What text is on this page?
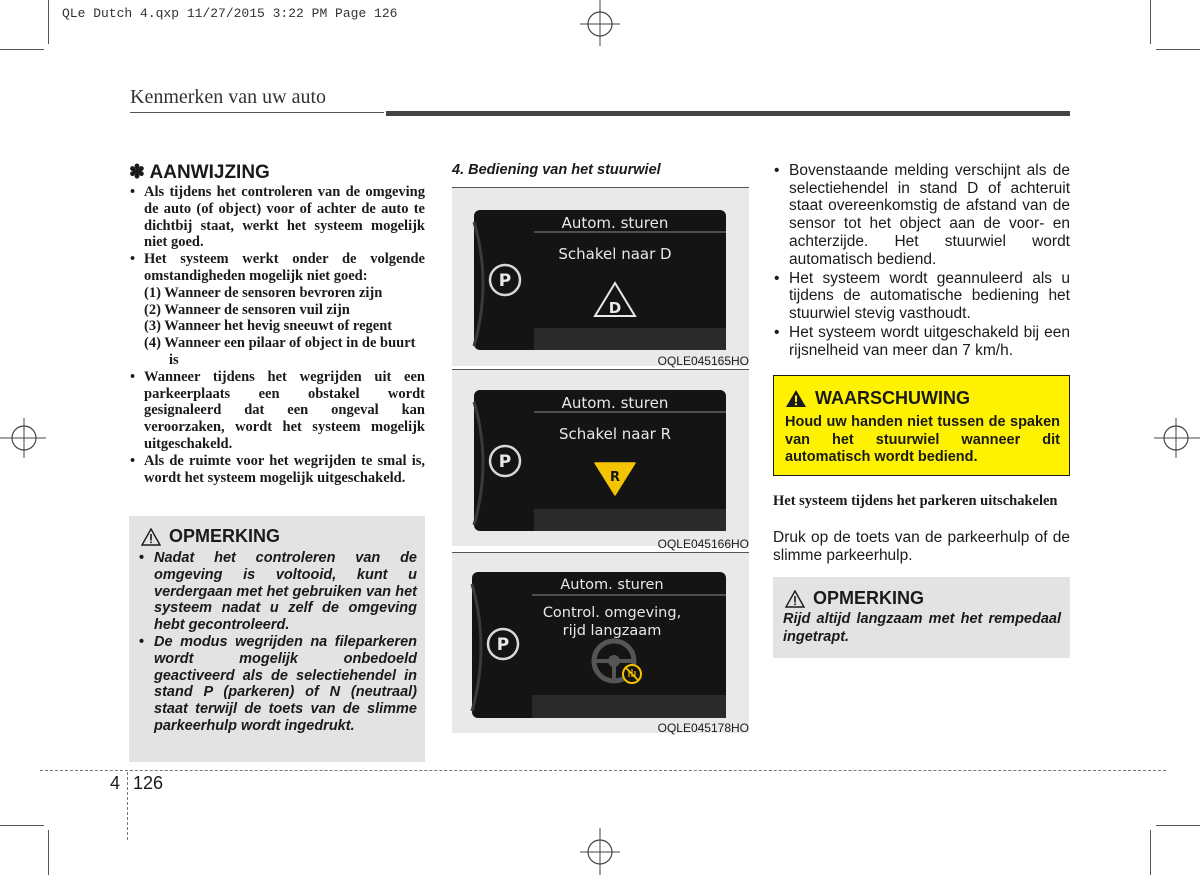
QLe Dutch 4.qxp 11/27/2015 3:22 PM Page 126
Kenmerken van uw auto
✽ AANWIJZING
• Als tijdens het controleren van de omgeving de auto (of object) voor of achter de auto te dichtbij staat, werkt het systeem mogelijk niet goed.
• Het systeem werkt onder de volgende omstandigheden mogelijk niet goed:
(1) Wanneer de sensoren bevroren zijn
(2) Wanneer de sensoren vuil zijn
(3) Wanneer het hevig sneeuwt of regent
(4) Wanneer een pilaar of object in de buurt is
• Wanneer tijdens het wegrijden uit een parkeerplaats een obstakel wordt gesignaleerd dat een ongeval kan veroorzaken, wordt het systeem mogelijk uitgeschakeld.
• Als de ruimte voor het wegrijden te smal is, wordt het systeem mogelijk uitgeschakeld.
OPMERKING
• Nadat het controleren van de omgeving is voltooid, kunt u verdergaan met het gebruiken van het systeem nadat u zelf de omgeving hebt gecontroleerd.
• De modus wegrijden na fileparkeren wordt mogelijk onbedoeld geactiveerd als de selectiehendel in stand P (parkeren) of N (neutraal) staat terwijl de toets van de slimme parkeerhulp wordt ingedrukt.
4. Bediening van het stuurwiel
Autom. sturen
Schakel naar D
P
D
OQLE045165HO
Autom. sturen
Schakel naar R
P
R
OQLE045166HO
Autom. sturen
Control. omgeving,
rijd langzaam
P
OQLE045178HO
• Bovenstaande melding verschijnt als de selectiehendel in stand D of achteruit staat overeenkomstig de afstand van de sensor tot het object aan de voor- en achterzijde. Het stuurwiel wordt automatisch bediend.
• Het systeem wordt geannuleerd als u tijdens de automatische bediening het stuurwiel stevig vasthoudt.
• Het systeem wordt uitgeschakeld bij een rijsnelheid van meer dan 7 km/h.
WAARSCHUWING
Houd uw handen niet tussen de spaken van het stuurwiel wanneer dit automatisch wordt bediend.
Het systeem tijdens het parkeren uitschakelen
Druk op de toets van de parkeerhulp of de slimme parkeerhulp.
OPMERKING
Rijd altijd langzaam met het rempedaal ingetrapt.
4 126
